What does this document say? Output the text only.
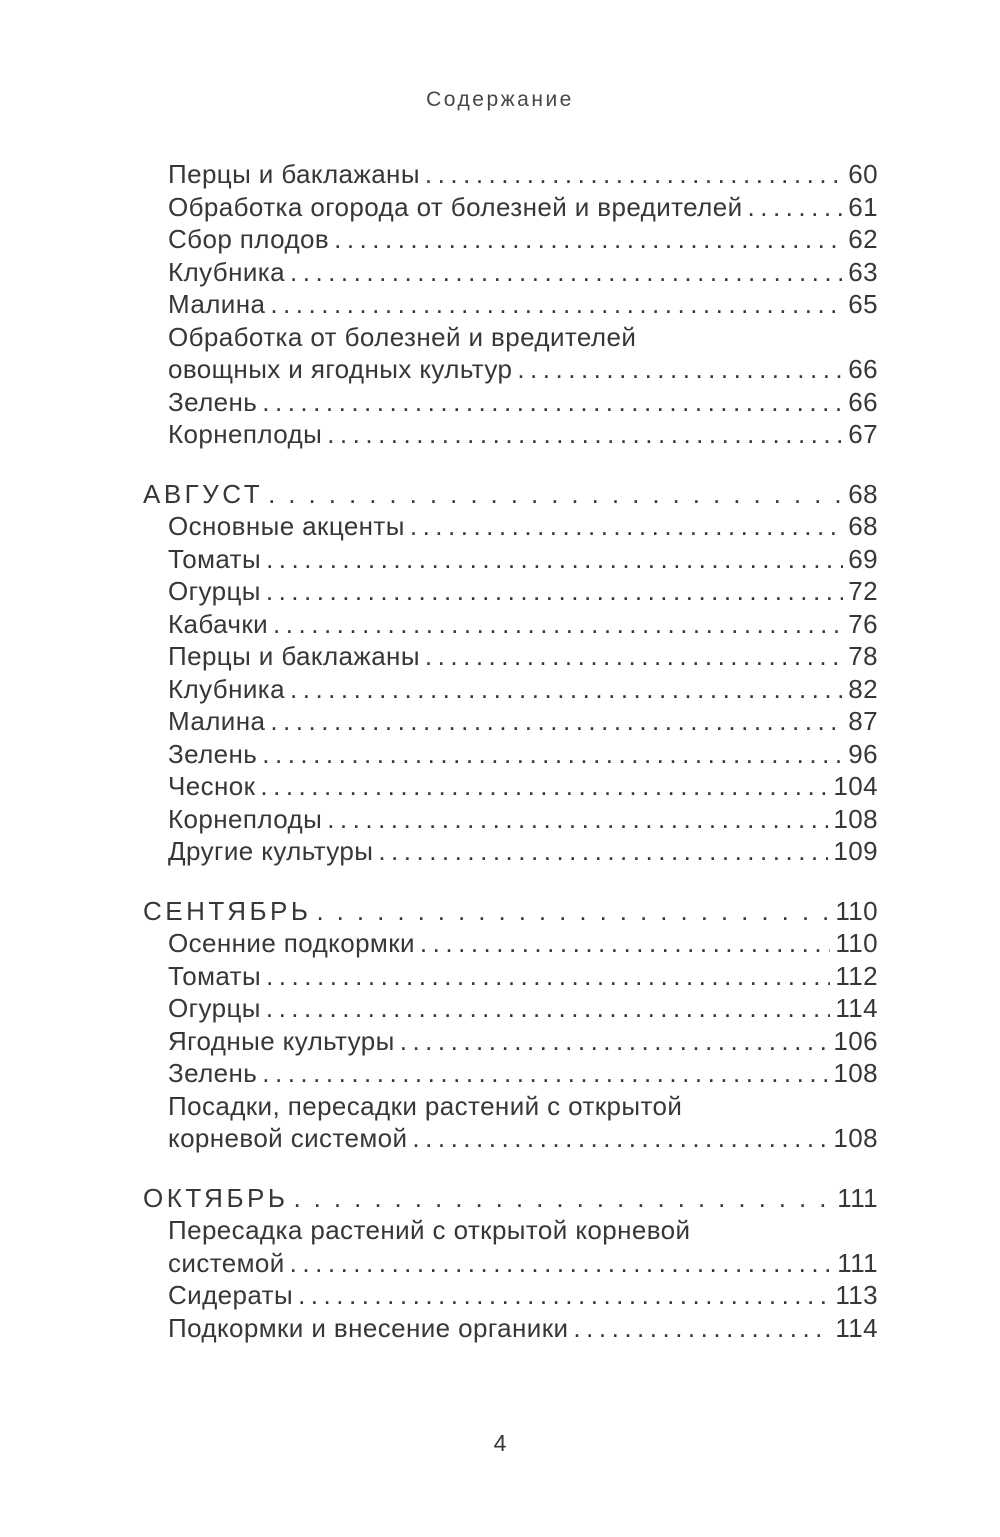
Содержание
Перцы и баклажаны .....	60
Обработка огорода от болезней и вредителей .....	61
Сбор плодов .....	62
Клубника .....	63
Малина .....	65
Обработка от болезней и вредителей
овощных и ягодных культур .....	66
Зелень .....	66
Корнеплоды .....	67
АВГУСТ .....	68
Основные акценты .....	68
Томаты .....	69
Огурцы .....	72
Кабачки .....	76
Перцы и баклажаны .....	78
Клубника .....	82
Малина .....	87
Зелень .....	96
Чеснок .....	104
Корнеплоды .....	108
Другие культуры .....	109
СЕНТЯБРЬ .....	110
Осенние подкормки .....	110
Томаты .....	112
Огурцы .....	114
Ягодные культуры .....	106
Зелень .....	108
Посадки, пересадки растений с открытой
корневой системой .....	108
ОКТЯБРЬ .....	111
Пересадка растений с открытой корневой
системой .....	111
Сидераты .....	113
Подкормки и внесение органики .....	114
4
